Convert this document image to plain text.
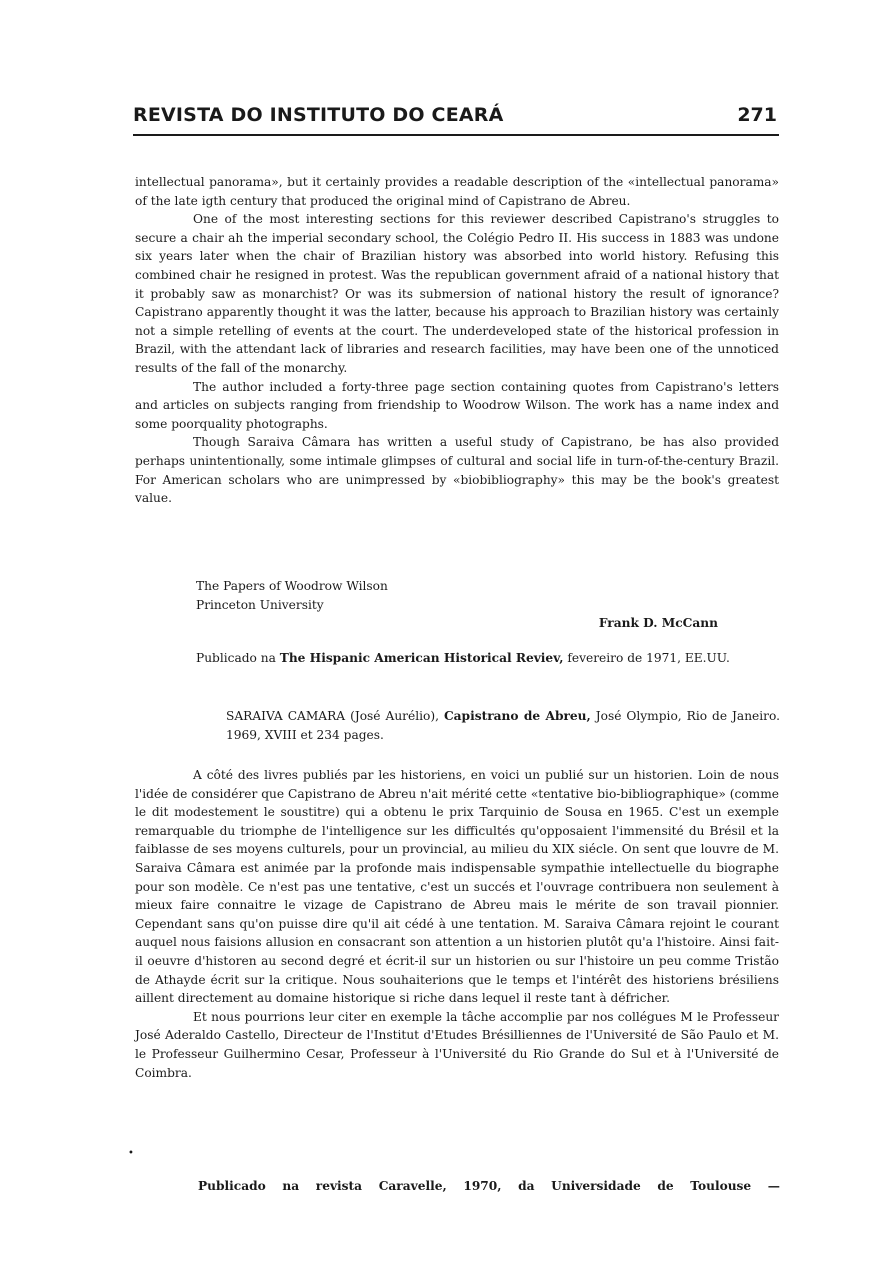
REVISTA DO INSTITUTO DO CEARÁ	271

intellectual panorama», but it certainly provides a readable description of the «intellectual panorama» of the late igth century that produced the original mind of Capistrano de Abreu.

One of the most interesting sections for this reviewer described Capistrano's struggles to secure a chair ah the imperial secondary school, the Colégio Pedro II. His success in 1883 was undone six years later when the chair of Brazilian history was absorbed into world history. Refusing this combined chair he resigned in protest. Was the republican government afraid of a national history that it probably saw as monarchist? Or was its submersion of national history the result of ignorance? Capistrano apparently thought it was the latter, because his approach to Brazilian history was certainly not a simple retelling of events at the court. The underdeveloped state of the historical profession in Brazil, with the attendant lack of libraries and research facilities, may have been one of the unnoticed results of the fall of the monarchy.

The author included a forty-three page section containing quotes from Capistrano's letters and articles on subjects ranging from friendship to Woodrow Wilson. The work has a name index and some poorquality photographs.

Though Saraiva Câmara has written a useful study of Capistrano, be has also provided perhaps unintentionally, some intimale glimpses of cultural and social life in turn-of-the-century Brazil. For American scholars who are unimpressed by «biobibliography» this may be the book's greatest value.

The Papers of Woodrow Wilson
Princeton University
Frank D. McCann
Publicado na The Hispanic American Historical Reviev, fevereiro de 1971, EE.UU.
SARAIVA CAMARA (José Aurélio), Capistrano de Abreu, José Olympio, Rio de Janeiro. 1969, XVIII et 234 pages.

A côté des livres publiés par les historiens, en voici un publié sur un historien. Loin de nous l'idée de considérer que Capistrano de Abreu n'ait mérité cette «tentative bio-bibliographique» (comme le dit modestement le soustitre) qui a obtenu le prix Tarquinio de Sousa en 1965. C'est un exemple remarquable du triomphe de l'intelligence sur les difficultés qu'opposaient l'immensité du Brésil et la faiblasse de ses moyens culturels, pour un provincial, au milieu du XIX siécle. On sent que louvre de M. Saraiva Câmara est animée par la profonde mais indispensable sympathie intellectuelle du biographe pour son modèle. Ce n'est pas une tentative, c'est un succés et l'ouvrage contribuera non seulement à mieux faire connaitre le vizage de Capistrano de Abreu mais le mérite de son travail pionnier. Cependant sans qu'on puisse dire qu'il ait cédé à une tentation. M. Saraiva Câmara rejoint le courant auquel nous faisions allusion en consacrant son attention a un historien plutôt qu'a l'histoire. Ainsi fait-il oeuvre d'historen au second degré et écrit-il sur un historien ou sur l'histoire un peu comme Tristão de Athayde écrit sur la critique. Nous souhaiterions que le temps et l'intérêt des historiens brésiliens aillent directement au domaine historique si riche dans lequel il reste tant à défricher.

Et nous pourrions leur citer en exemple la tâche accomplie par nos collégues M le Professeur José Aderaldo Castello, Directeur de l'Institut d'Etudes Brésilliennes de l'Université de São Paulo et M. le Professeur Guilhermino Cesar, Professeur à l'Université du Rio Grande do Sul et à l'Université de Coimbra.

•
Publicado na revista Caravelle, 1970, da Universidade de Toulouse —
